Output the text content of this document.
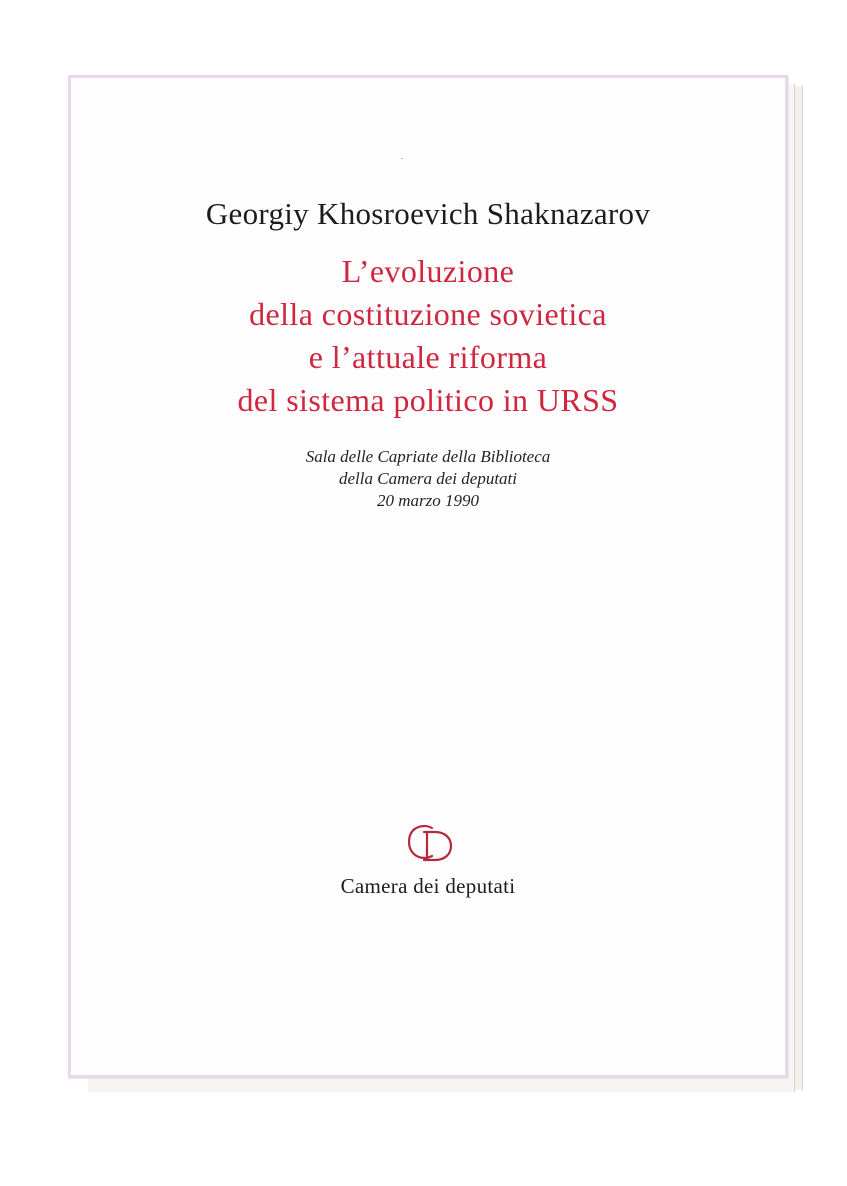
Georgiy Khosroevich Shaknazarov
L’evoluzione
della costituzione sovietica
e l’attuale riforma
del sistema politico in URSS
Sala delle Capriate della Biblioteca
della Camera dei deputati
20 marzo 1990
Camera dei deputati
